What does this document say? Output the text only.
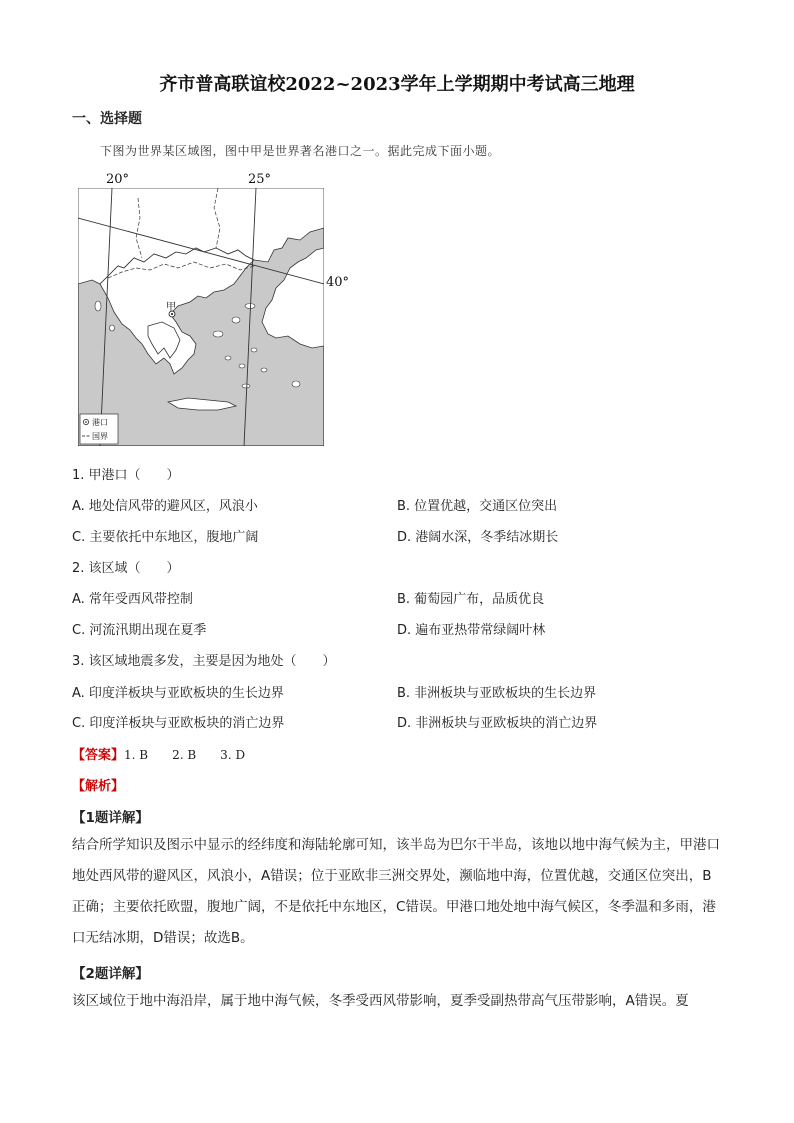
齐市普高联谊校2022~2023学年上学期期中考试高三地理
一、选择题
下图为世界某区域图，图中甲是世界著名港口之一。据此完成下面小题。
20°	25°
40°
甲
港口
国界
1. 甲港口（　　）
A. 地处信风带的避风区，风浪小	B. 位置优越，交通区位突出
C. 主要依托中东地区，腹地广阔	D. 港阔水深，冬季结冰期长
2. 该区域（　　）
A. 常年受西风带控制	B. 葡萄园广布，品质优良
C. 河流汛期出现在夏季	D. 遍布亚热带常绿阔叶林
3. 该区域地震多发，主要是因为地处（　　）
A. 印度洋板块与亚欧板块的生长边界	B. 非洲板块与亚欧板块的生长边界
C. 印度洋板块与亚欧板块的消亡边界	D. 非洲板块与亚欧板块的消亡边界
【答案】1. B　　2. B　　3. D
【解析】
【1题详解】
结合所学知识及图示中显示的经纬度和海陆轮廓可知，该半岛为巴尔干半岛，该地以地中海气候为主，甲港口地处西风带的避风区，风浪小，A错误；位于亚欧非三洲交界处，濒临地中海，位置优越，交通区位突出，B正确；主要依托欧盟，腹地广阔，不是依托中东地区，C错误。甲港口地处地中海气候区，冬季温和多雨，港口无结冰期，D错误；故选B。
【2题详解】
该区域位于地中海沿岸，属于地中海气候，冬季受西风带影响，夏季受副热带高气压带影响，A错误。夏
